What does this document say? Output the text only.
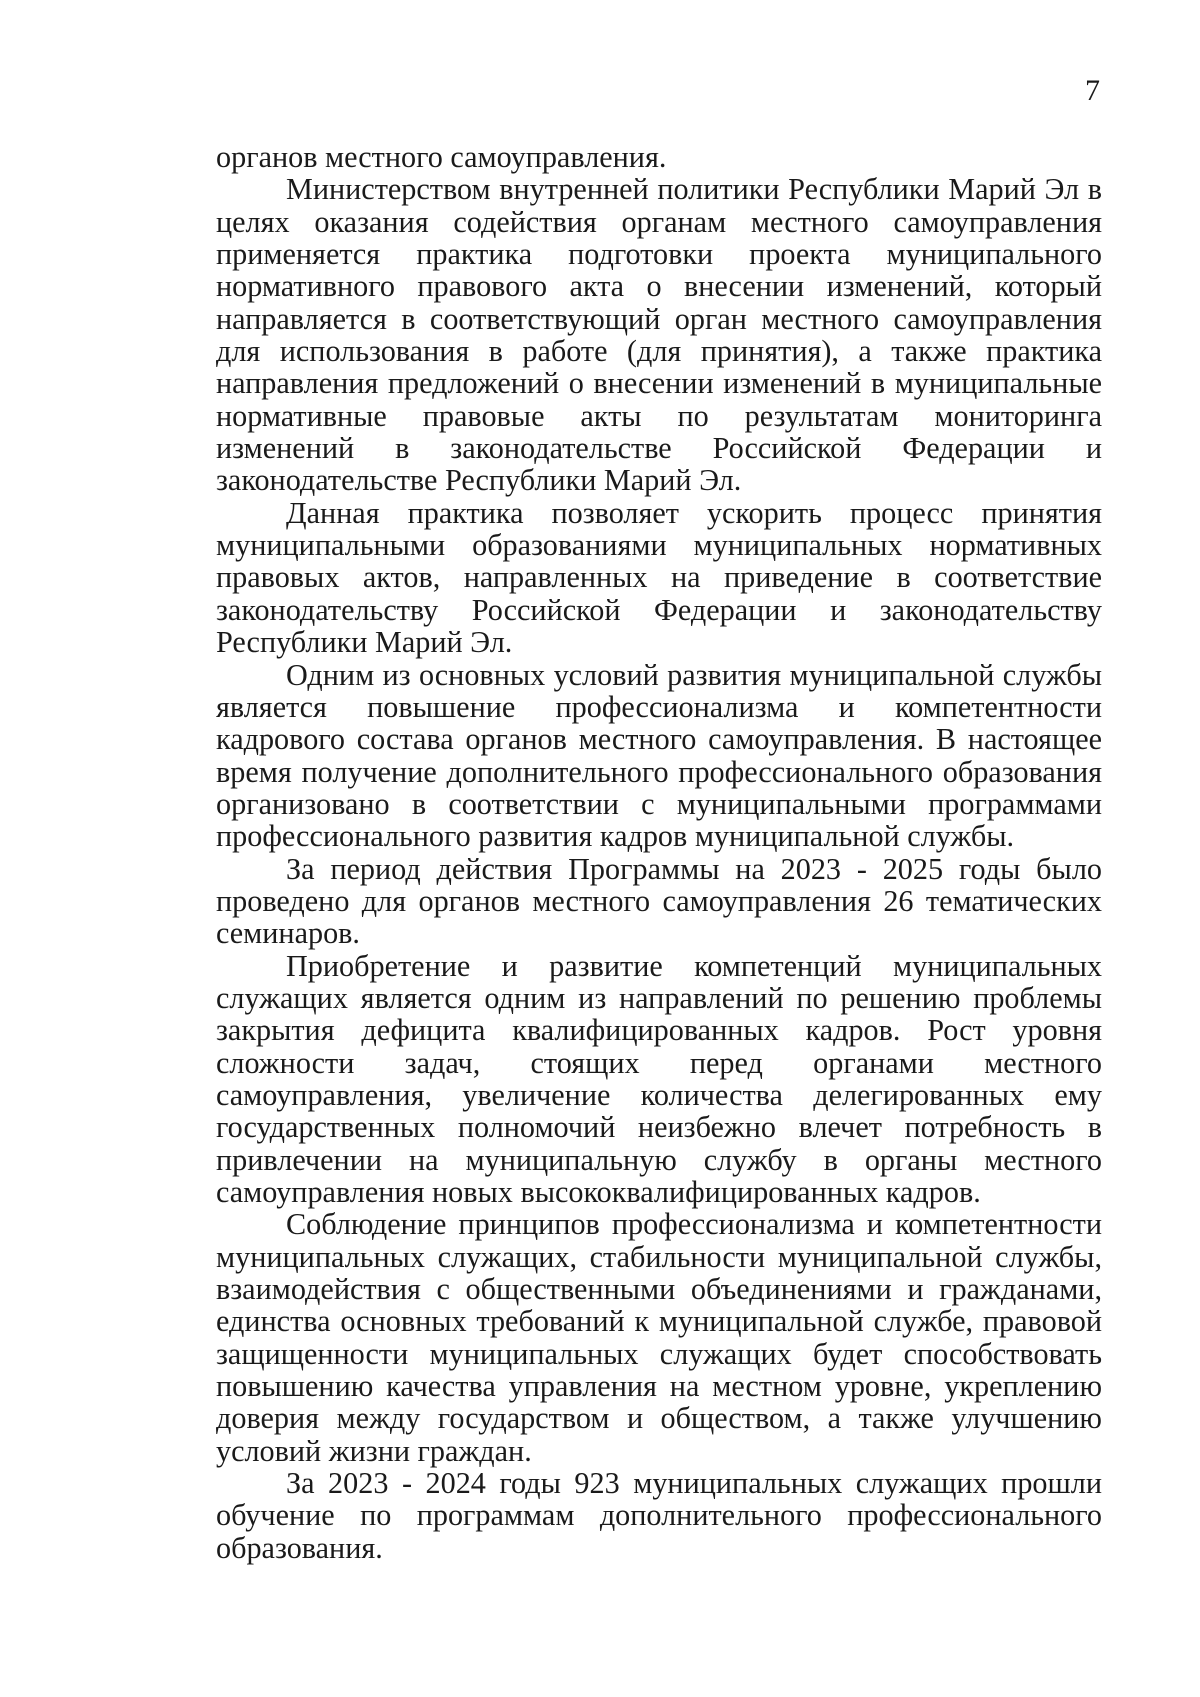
7

органов местного самоуправления.

Министерством внутренней политики Республики Марий Эл в целях оказания содействия органам местного самоуправления применяется практика подготовки проекта муниципального нормативного правового акта о внесении изменений, который направляется в соответствующий орган местного самоуправления для использования в работе (для принятия), а также практика направления предложений о внесении изменений в муниципальные нормативные правовые акты по результатам мониторинга изменений в законодательстве Российской Федерации и законодательстве Республики Марий Эл.

Данная практика позволяет ускорить процесс принятия муниципальными образованиями муниципальных нормативных правовых актов, направленных на приведение в соответствие законодательству Российской Федерации и законодательству Республики Марий Эл.

Одним из основных условий развития муниципальной службы является повышение профессионализма и компетентности кадрового состава органов местного самоуправления. В настоящее время получение дополнительного профессионального образования организовано в соответствии с муниципальными программами профессионального развития кадров муниципальной службы.

За период действия Программы на 2023 - 2025 годы было проведено для органов местного самоуправления 26 тематических семинаров.

Приобретение и развитие компетенций муниципальных служащих является одним из направлений по решению проблемы закрытия дефицита квалифицированных кадров. Рост уровня сложности задач, стоящих перед органами местного самоуправления, увеличение количества делегированных ему государственных полномочий неизбежно влечет потребность в привлечении на муниципальную службу в органы местного самоуправления новых высококвалифицированных кадров.

Соблюдение принципов профессионализма и компетентности муниципальных служащих, стабильности муниципальной службы, взаимодействия с общественными объединениями и гражданами, единства основных требований к муниципальной службе, правовой защищенности муниципальных служащих будет способствовать повышению качества управления на местном уровне, укреплению доверия между государством и обществом, а также улучшению условий жизни граждан.

За 2023 - 2024 годы 923 муниципальных служащих прошли обучение по программам дополнительного профессионального образования.
